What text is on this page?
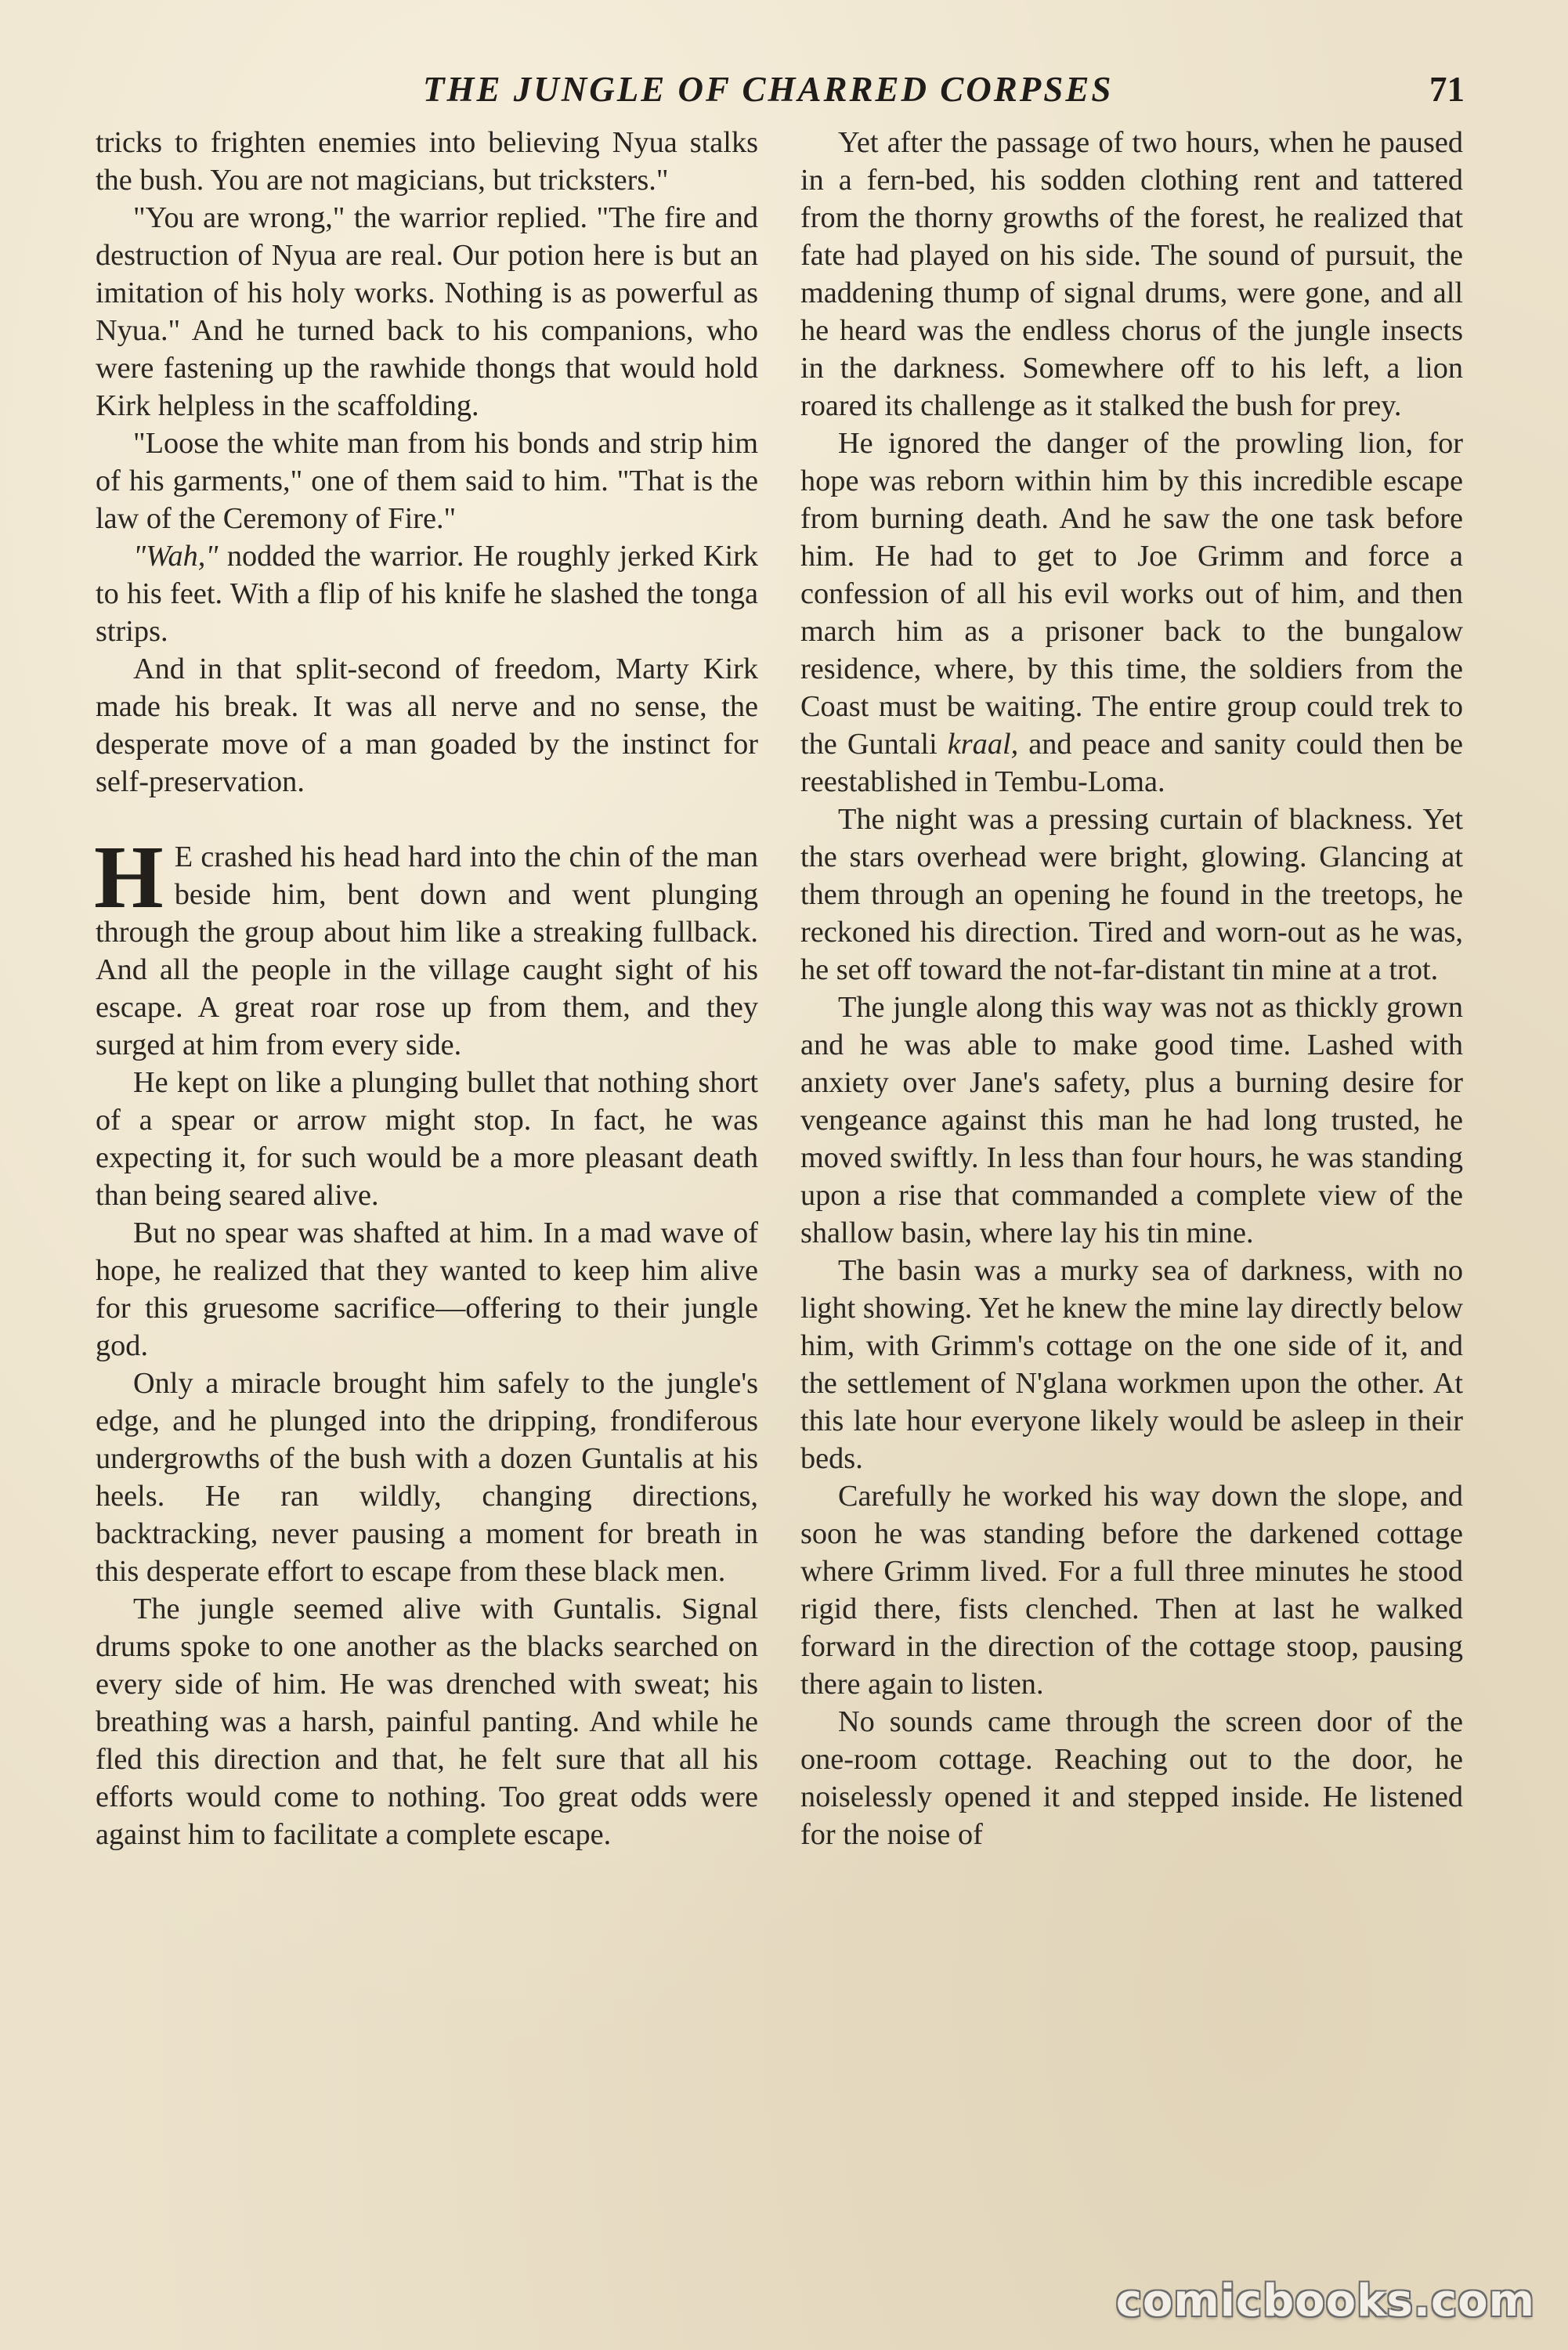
THE JUNGLE OF CHARRED CORPSES	71

tricks to frighten enemies into believing Nyua stalks the bush. You are not magicians, but tricksters."

"You are wrong," the warrior replied. "The fire and destruction of Nyua are real. Our potion here is but an imitation of his holy works. Nothing is as powerful as Nyua." And he turned back to his companions, who were fastening up the rawhide thongs that would hold Kirk helpless in the scaffolding.

"Loose the white man from his bonds and strip him of his garments," one of them said to him. "That is the law of the Ceremony of Fire."

"Wah," nodded the warrior. He roughly jerked Kirk to his feet. With a flip of his knife he slashed the tonga strips.

And in that split-second of freedom, Marty Kirk made his break. It was all nerve and no sense, the desperate move of a man goaded by the instinct for self-preservation.

H E crashed his head hard into the chin of the man beside him, bent down and went plunging through the group about him like a streaking fullback. And all the people in the village caught sight of his escape. A great roar rose up from them, and they surged at him from every side.

He kept on like a plunging bullet that nothing short of a spear or arrow might stop. In fact, he was expecting it, for such would be a more pleasant death than being seared alive.

But no spear was shafted at him. In a mad wave of hope, he realized that they wanted to keep him alive for this gruesome sacrifice—offering to their jungle god.

Only a miracle brought him safely to the jungle's edge, and he plunged into the dripping, frondiferous undergrowths of the bush with a dozen Guntalis at his heels. He ran wildly, changing directions, backtracking, never pausing a moment for breath in this desperate effort to escape from these black men.

The jungle seemed alive with Guntalis. Signal drums spoke to one another as the blacks searched on every side of him. He was drenched with sweat; his breathing was a harsh, painful panting. And while he fled this direction and that, he felt sure that all his efforts would come to nothing. Too great odds were against him to facilitate a complete escape.

Yet after the passage of two hours, when he paused in a fern-bed, his sodden clothing rent and tattered from the thorny growths of the forest, he realized that fate had played on his side. The sound of pursuit, the maddening thump of signal drums, were gone, and all he heard was the endless chorus of the jungle insects in the darkness. Somewhere off to his left, a lion roared its challenge as it stalked the bush for prey.

He ignored the danger of the prowling lion, for hope was reborn within him by this incredible escape from burning death. And he saw the one task before him. He had to get to Joe Grimm and force a confession of all his evil works out of him, and then march him as a prisoner back to the bungalow residence, where, by this time, the soldiers from the Coast must be waiting. The entire group could trek to the Guntali kraal, and peace and sanity could then be reestablished in Tembu-Loma.

The night was a pressing curtain of blackness. Yet the stars overhead were bright, glowing. Glancing at them through an opening he found in the treetops, he reckoned his direction. Tired and worn-out as he was, he set off toward the not-far-distant tin mine at a trot.

The jungle along this way was not as thickly grown and he was able to make good time. Lashed with anxiety over Jane's safety, plus a burning desire for vengeance against this man he had long trusted, he moved swiftly. In less than four hours, he was standing upon a rise that commanded a complete view of the shallow basin, where lay his tin mine.

The basin was a murky sea of darkness, with no light showing. Yet he knew the mine lay directly below him, with Grimm's cottage on the one side of it, and the settlement of N'glana workmen upon the other. At this late hour everyone likely would be asleep in their beds.

Carefully he worked his way down the slope, and soon he was standing before the darkened cottage where Grimm lived. For a full three minutes he stood rigid there, fists clenched. Then at last he walked forward in the direction of the cottage stoop, pausing there again to listen.

No sounds came through the screen door of the one-room cottage. Reaching out to the door, he noiselessly opened it and stepped inside. He listened for the noise of

comicbooks.com
